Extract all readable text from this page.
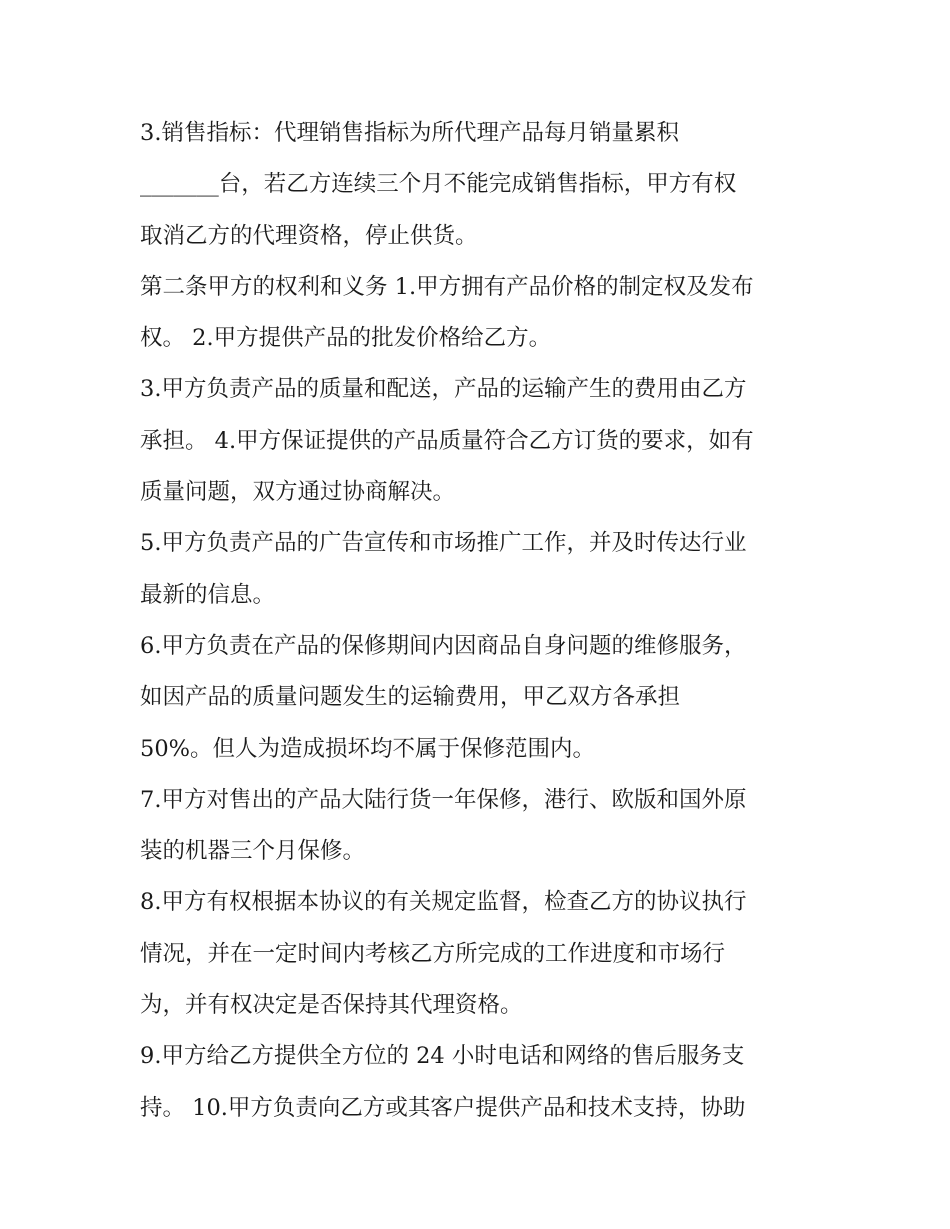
3.销售指标：代理销售指标为所代理产品每月销量累积
_______台，若乙方连续三个月不能完成销售指标，甲方有权
取消乙方的代理资格，停止供货。
第二条甲方的权利和义务 1.甲方拥有产品价格的制定权及发布
权。 2.甲方提供产品的批发价格给乙方。
3.甲方负责产品的质量和配送，产品的运输产生的费用由乙方
承担。 4.甲方保证提供的产品质量符合乙方订货的要求，如有
质量问题，双方通过协商解决。
5.甲方负责产品的广告宣传和市场推广工作，并及时传达行业
最新的信息。
6.甲方负责在产品的保修期间内因商品自身问题的维修服务，
如因产品的质量问题发生的运输费用，甲乙双方各承担
50%。但人为造成损坏均不属于保修范围内。
7.甲方对售出的产品大陆行货一年保修，港行、欧版和国外原
装的机器三个月保修。
8.甲方有权根据本协议的有关规定监督，检查乙方的协议执行
情况，并在一定时间内考核乙方所完成的工作进度和市场行
为，并有权决定是否保持其代理资格。
9.甲方给乙方提供全方位的 24 小时电话和网络的售后服务支
持。 10.甲方负责向乙方或其客户提供产品和技术支持，协助
